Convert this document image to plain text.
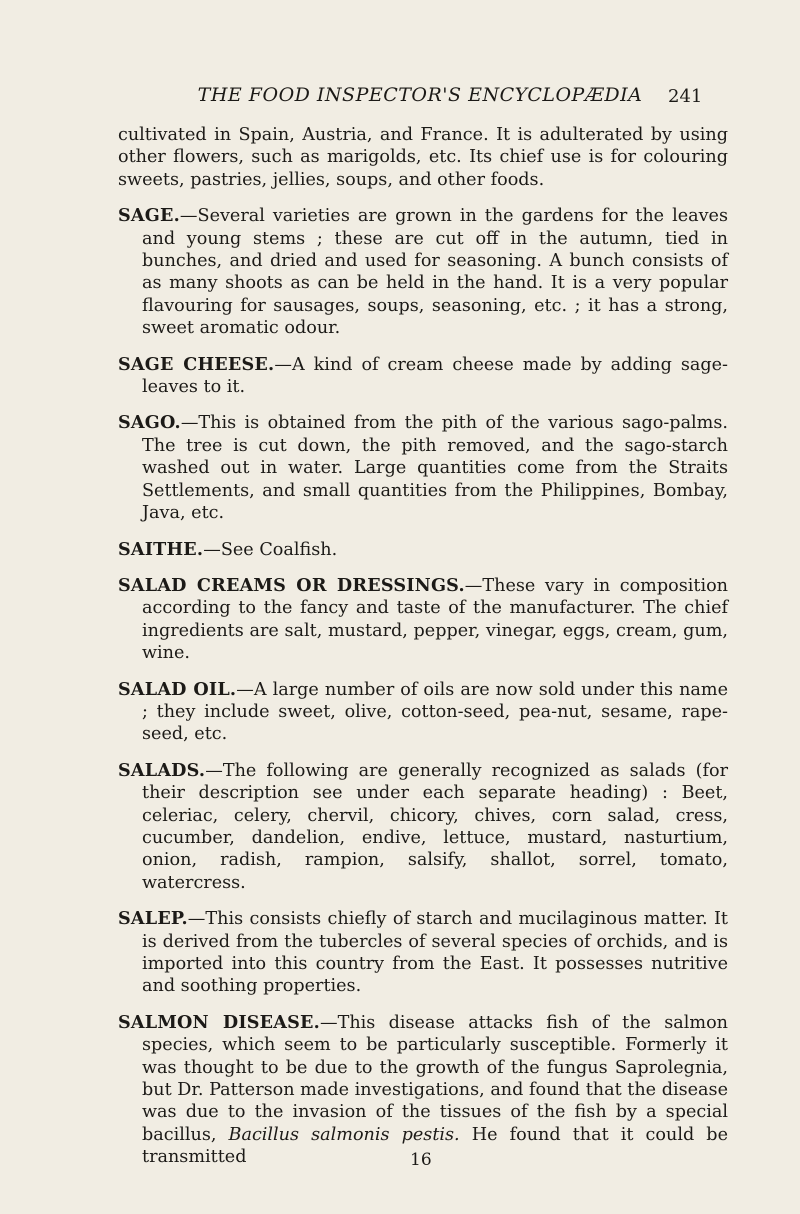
THE FOOD INSPECTOR'S ENCYCLOPÆDIA	241

cultivated in Spain, Austria, and France. It is adulterated by using other flowers, such as marigolds, etc. Its chief use is for colouring sweets, pastries, jellies, soups, and other foods.

SAGE.—Several varieties are grown in the gardens for the leaves and young stems ; these are cut off in the autumn, tied in bunches, and dried and used for seasoning. A bunch consists of as many shoots as can be held in the hand. It is a very popular flavouring for sausages, soups, seasoning, etc. ; it has a strong, sweet aromatic odour.

SAGE CHEESE.—A kind of cream cheese made by adding sage-leaves to it.

SAGO.—This is obtained from the pith of the various sago-palms. The tree is cut down, the pith removed, and the sago-starch washed out in water. Large quantities come from the Straits Settlements, and small quantities from the Philippines, Bombay, Java, etc.

SAITHE.—See Coalfish.

SALAD CREAMS OR DRESSINGS.—These vary in composition according to the fancy and taste of the manufacturer. The chief ingredients are salt, mustard, pepper, vinegar, eggs, cream, gum, wine.

SALAD OIL.—A large number of oils are now sold under this name ; they include sweet, olive, cotton-seed, pea-nut, sesame, rape-seed, etc.

SALADS.—The following are generally recognized as salads (for their description see under each separate heading) : Beet, celeriac, celery, chervil, chicory, chives, corn salad, cress, cucumber, dandelion, endive, lettuce, mustard, nasturtium, onion, radish, rampion, salsify, shallot, sorrel, tomato, watercress.

SALEP.—This consists chiefly of starch and mucilaginous matter. It is derived from the tubercles of several species of orchids, and is imported into this country from the East. It possesses nutritive and soothing properties.

SALMON DISEASE.—This disease attacks fish of the salmon species, which seem to be particularly susceptible. Formerly it was thought to be due to the growth of the fungus Saprolegnia, but Dr. Patterson made investigations, and found that the disease was due to the invasion of the tissues of the fish by a special bacillus, Bacillus salmonis pestis. He found that it could be transmitted	16
